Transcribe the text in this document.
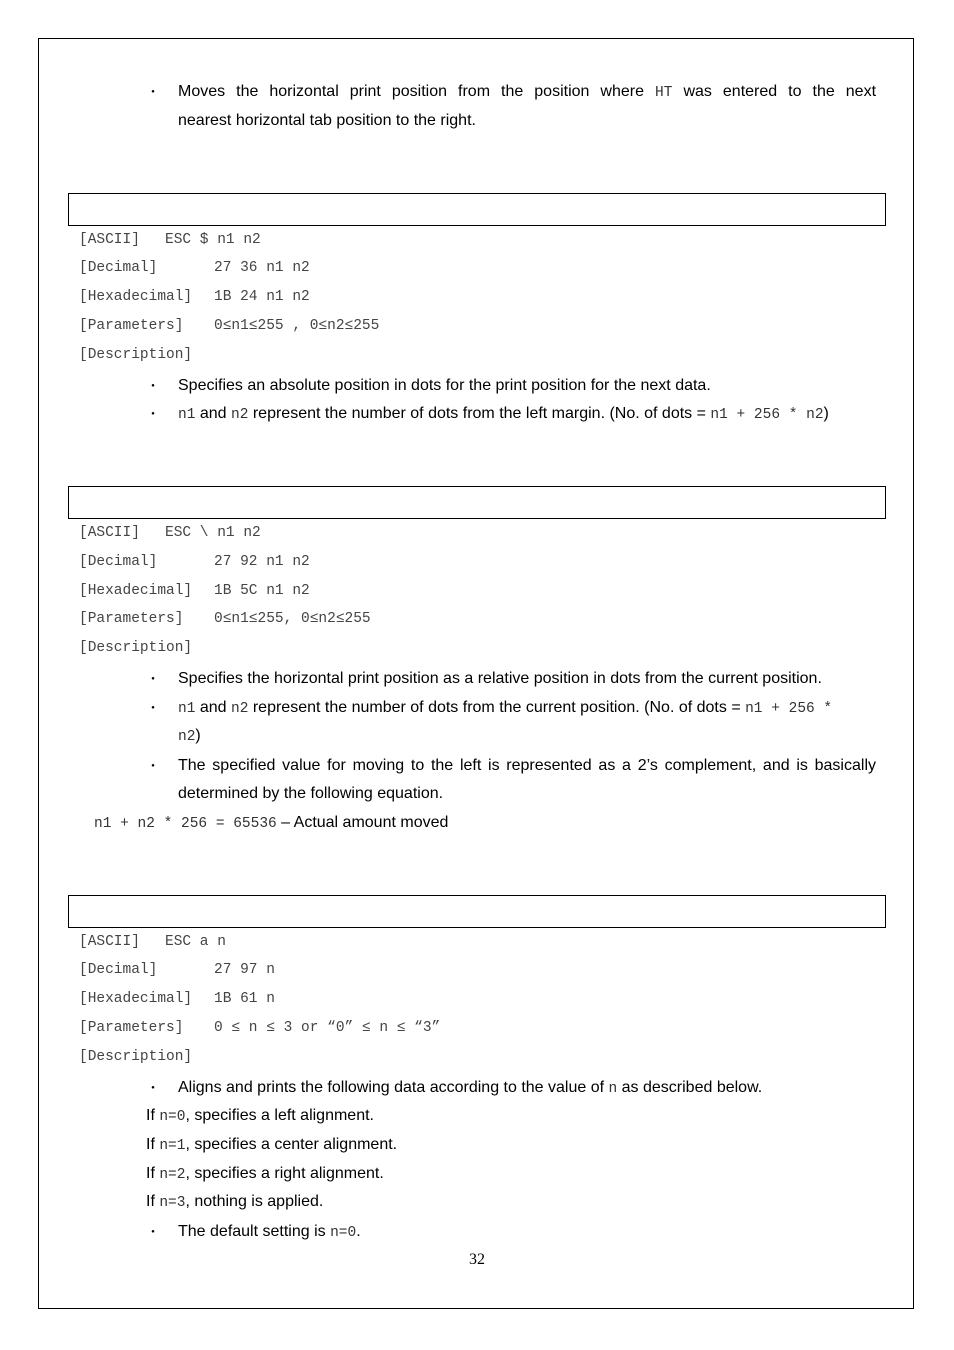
・ Moves the horizontal print position from the position where HT was entered to the next
nearest horizontal tab position to the right.
[ASCII] ESC $ n1 n2
[Decimal]	27 36 n1 n2
[Hexadecimal] 1B 24 n1 n2
[Parameters] 0≤n1≤255 , 0≤n2≤255
[Description]
・ Specifies an absolute position in dots for the print position for the next data.
・ n1 and n2 represent the number of dots from the left margin. (No. of dots = n1 + 256 * n2)
[ASCII] ESC \ n1 n2
[Decimal]	27 92 n1 n2
[Hexadecimal] 1B 5C n1 n2
[Parameters] 0≤n1≤255, 0≤n2≤255
[Description]
・ Specifies the horizontal print position as a relative position in dots from the current position.
・ n1 and n2 represent the number of dots from the current position. (No. of dots = n1 + 256 *
n2)
・ The specified value for moving to the left is represented as a 2’s complement, and is basically
determined by the following equation.
n1 + n2 * 256 = 65536 – Actual amount moved
[ASCII] ESC a n
[Decimal]	27 97 n
[Hexadecimal] 1B 61 n
[Parameters] 0 ≤ n ≤ 3 or “0” ≤ n ≤ “3”
[Description]
・ Aligns and prints the following data according to the value of n as described below.
If n=0, specifies a left alignment.
If n=1, specifies a center alignment.
If n=2, specifies a right alignment.
If n=3, nothing is applied.
・ The default setting is n=0.
32
